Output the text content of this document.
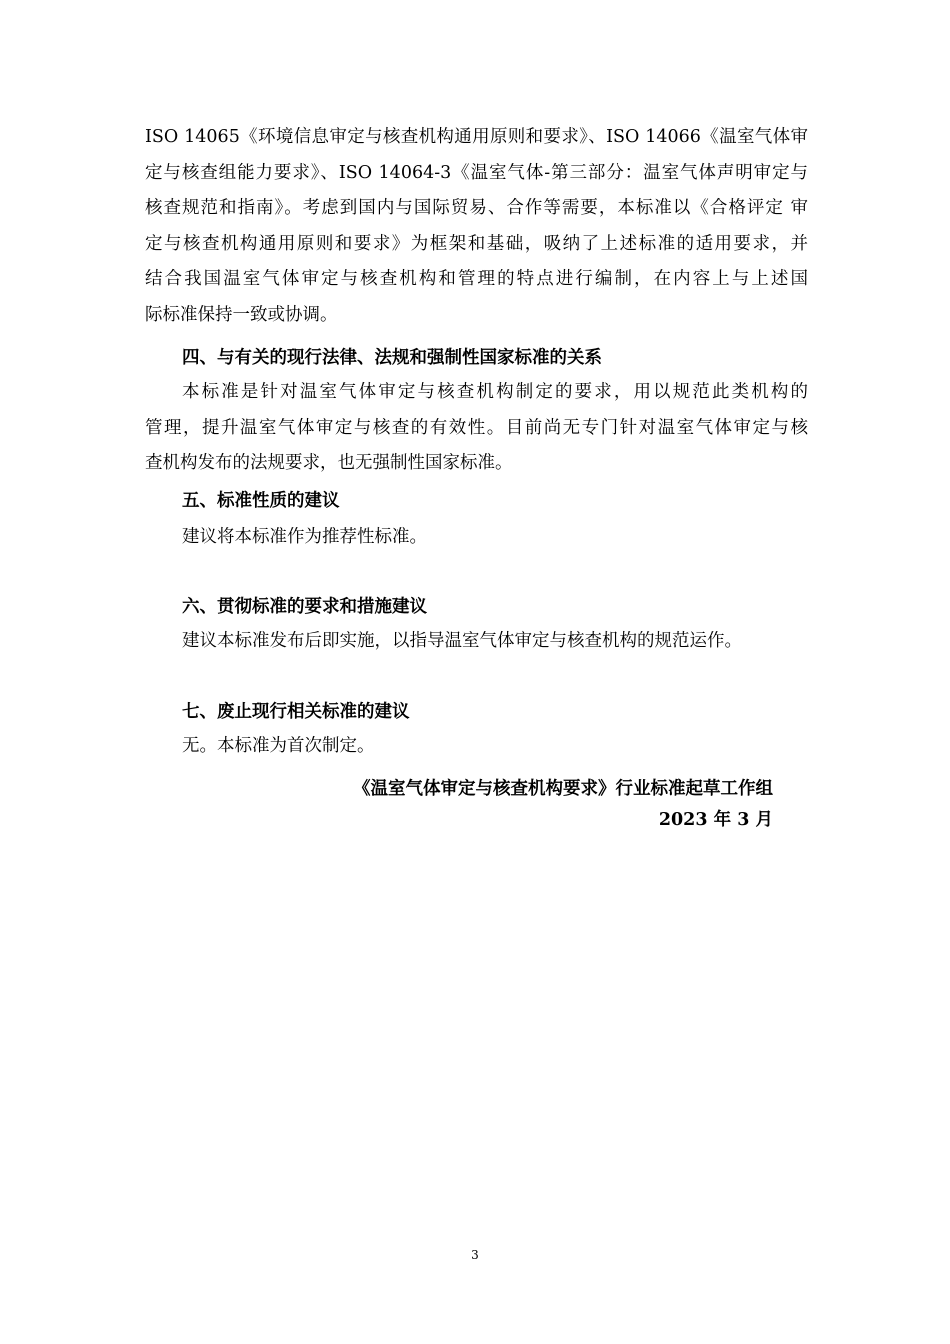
ISO 14065《环境信息审定与核查机构通用原则和要求》、ISO 14066《温室气体审
定与核查组能力要求》、ISO 14064-3《温室气体-第三部分：温室气体声明审定与
核查规范和指南》。考虑到国内与国际贸易、合作等需要，本标准以《合格评定 审
定与核查机构通用原则和要求》为框架和基础，吸纳了上述标准的适用要求，并
结合我国温室气体审定与核查机构和管理的特点进行编制，在内容上与上述国
际标准保持一致或协调。

四、与有关的现行法律、法规和强制性国家标准的关系

本标准是针对温室气体审定与核查机构制定的要求，用以规范此类机构的
管理，提升温室气体审定与核查的有效性。目前尚无专门针对温室气体审定与核
查机构发布的法规要求，也无强制性国家标准。

五、标准性质的建议

建议将本标准作为推荐性标准。

六、贯彻标准的要求和措施建议

建议本标准发布后即实施，以指导温室气体审定与核查机构的规范运作。

七、废止现行相关标准的建议

无。本标准为首次制定。

《温室气体审定与核查机构要求》行业标准起草工作组

2023 年 3 月

3
